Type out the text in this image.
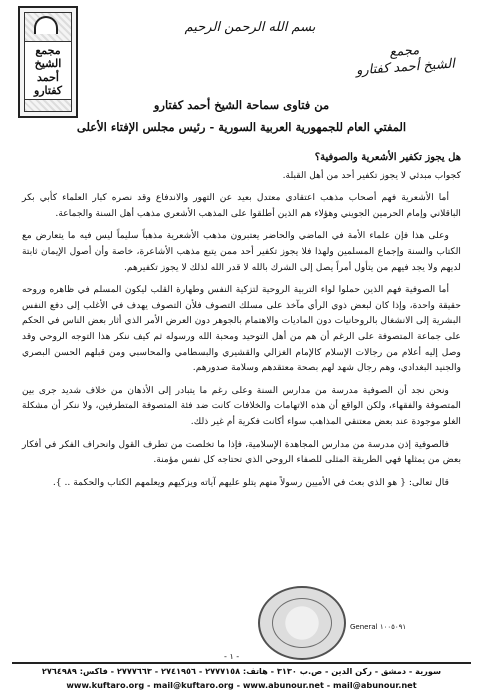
مجمع الشيخ أحمد كفتارو
بسم الله الرحمن الرحيم
مجمع
الشيخ أحمد كفتارو
من فتاوى سماحة الشيخ أحمد كفتارو
المفتي العام للجمهورية العربية السورية - رئيس مجلس الإفتاء الأعلى

هل يجوز تكفير الأشعرية والصوفية؟

كجواب مبدئي لا يجوز تكفير أحد من أهل القبلة.

أما الأشعرية فهم أصحاب مذهب اعتقادي معتدل بعيد عن التهور والاندفاع وقد نصره كبار العلماء كأبي بكر الباقلاني وإمام الحرمين الجويني وهؤلاء هم الذين أطلقوا على المذهب الأشعري مذهب أهل السنة والجماعة.

وعلى هذا فإن علماء الأمة في الماضي والحاضر يعتبرون مذهب الأشعرية مذهباً سليماً ليس فيه ما يتعارض مع الكتاب والسنة وإجماع المسلمين ولهذا فلا يجوز تكفير أحد ممن يتبع مذهب الأشاعرة، خاصة وأن أصول الإيمان ثابتة لديهم ولا يجد فيهم من يتأول أمراً يصل إلى الشرك بالله لا قدر الله لذلك لا يجوز تكفيرهم.

أما الصوفية فهم الذين حملوا لواء التربية الروحية لتزكية النفس وطهارة القلب ليكون المسلم في ظاهره وروحه حقيقة واحدة، وإذا كان لبعض ذوي الرأي مآخذ على مسلك التصوف فلأن التصوف يهدف في الأغلب إلى دفع النفس البشرية إلى الانشغال بالروحانيات دون الماديات والاهتمام بالجوهر دون العرض الأمر الذي أثار بعض الناس في الحكم على جماعة المتصوفة على الرغم أن هم من أهل التوحيد ومحبة الله ورسوله ثم كيف ننكر هذا التوجه الروحي وقد وصل إليه أعلام من رجالات الإسلام كالإمام الغزالي والقشيري والبسطامي والمحاسبي ومن قبلهم الحسن البصري والجنيد البغدادي، وهم رجال شهد لهم بصحة معتقدهم وسلامة صدورهم.

ونحن نجد أن الصوفية مدرسة من مدارس السنة وعلى رغم ما يتبادر إلى الأذهان من خلاف شديد جرى بين المتصوفة والفقهاء، ولكن الواقع أن هذه الاتهامات والخلافات كانت ضد فئة المتصوفة المتطرفين، ولا ننكر أن مشكلة الغلو موجودة عند بعض معتنقي المذاهب سواء أكانت فكرية أم غير ذلك.

فالصوفية إذن مدرسة من مدارس المجاهدة الإسلامية، فإذا ما تخلصت من تطرف القول وانحراف الفكر في أفكار بعض من يمثلها فهي الطريقة المثلى للصفاء الروحي الذي تحتاجه كل نفس مؤمنة.

قال تعالى: { هو الذي بعث في الأميين رسولاً منهم يتلو عليهم آياته ويزكيهم ويعلمهم الكتاب والحكمة .. }.

General ١٠٠٥٠٩١
- ١ -
سورية - دمشق - ركن الدين - ص.ب ٣١٣٠ - هاتف: ٢٧٧٧١٥٨ - ٢٧٤١٩٥٦ - ٢٧٧٧٦٦٣ - فاكس: ٢٧٦٤٩٨٩
www.kuftaro.org - mail@kuftaro.org - www.abunour.net - mail@abunour.net
